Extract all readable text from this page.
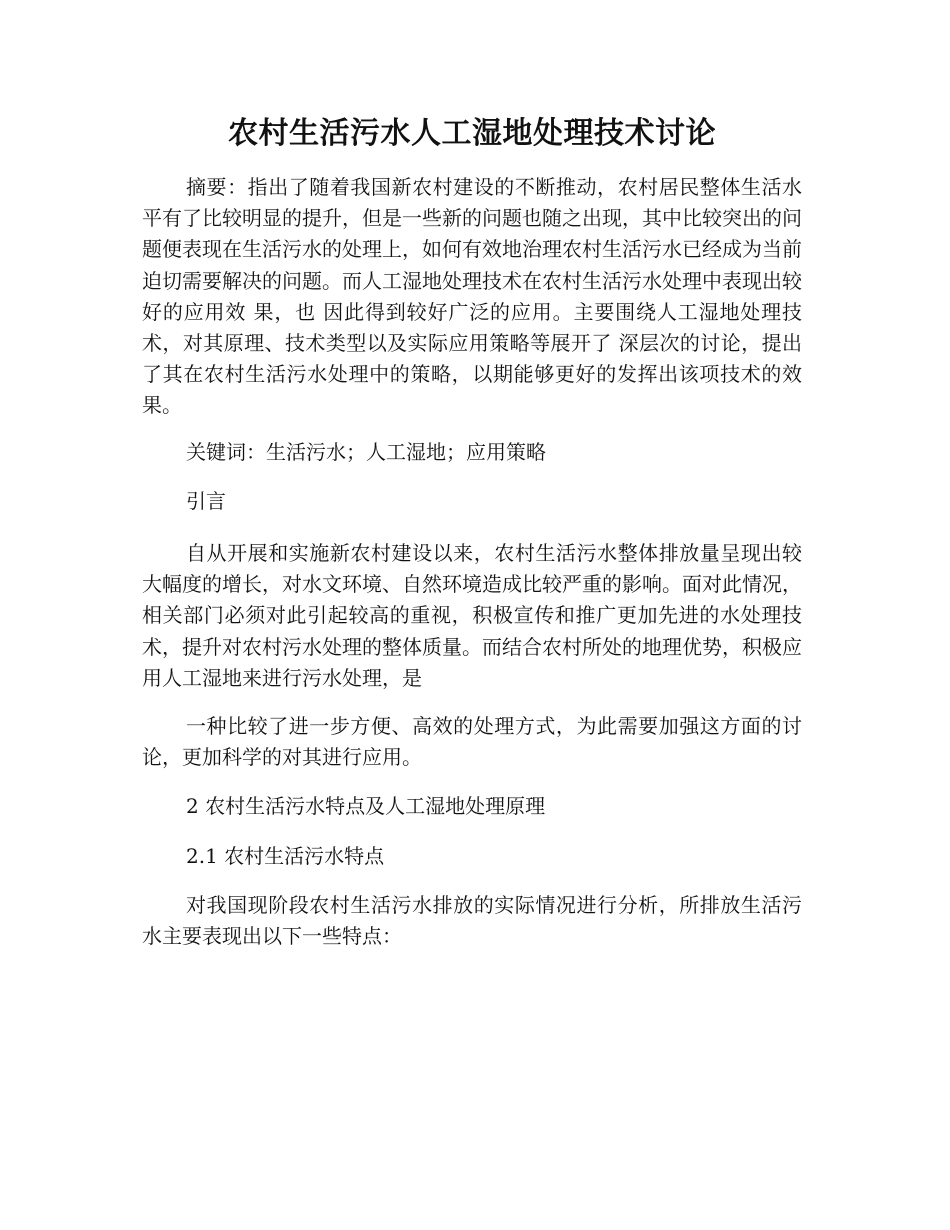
农村生活污水人工湿地处理技术讨论

摘要：指出了随着我国新农村建设的不断推动，农村居民整体生活水平有了比较明显的提升，但是一些新的问题也随之出现，其中比较突出的问题便表现在生活污水的处理上，如何有效地治理农村生活污水已经成为当前迫切需要解决的问题。而人工湿地处理技术在农村生活污水处理中表现出较好的应用效 果，也 因此得到较好广泛的应用。主要围绕人工湿地处理技术，对其原理、技术类型以及实际应用策略等展开了 深层次的讨论，提出了其在农村生活污水处理中的策略，以期能够更好的发挥出该项技术的效果。

关键词：生活污水；人工湿地；应用策略

引言

自从开展和实施新农村建设以来，农村生活污水整体排放量呈现出较大幅度的增长，对水文环境、自然环境造成比较严重的影响。面对此情况，相关部门必须对此引起较高的重视，积极宣传和推广更加先进的水处理技术，提升对农村污水处理的整体质量。而结合农村所处的地理优势，积极应用人工湿地来进行污水处理，是

一种比较了进一步方便、高效的处理方式，为此需要加强这方面的讨论，更加科学的对其进行应用。

2 农村生活污水特点及人工湿地处理原理

2.1 农村生活污水特点

对我国现阶段农村生活污水排放的实际情况进行分析，所排放生活污水主要表现出以下一些特点：
